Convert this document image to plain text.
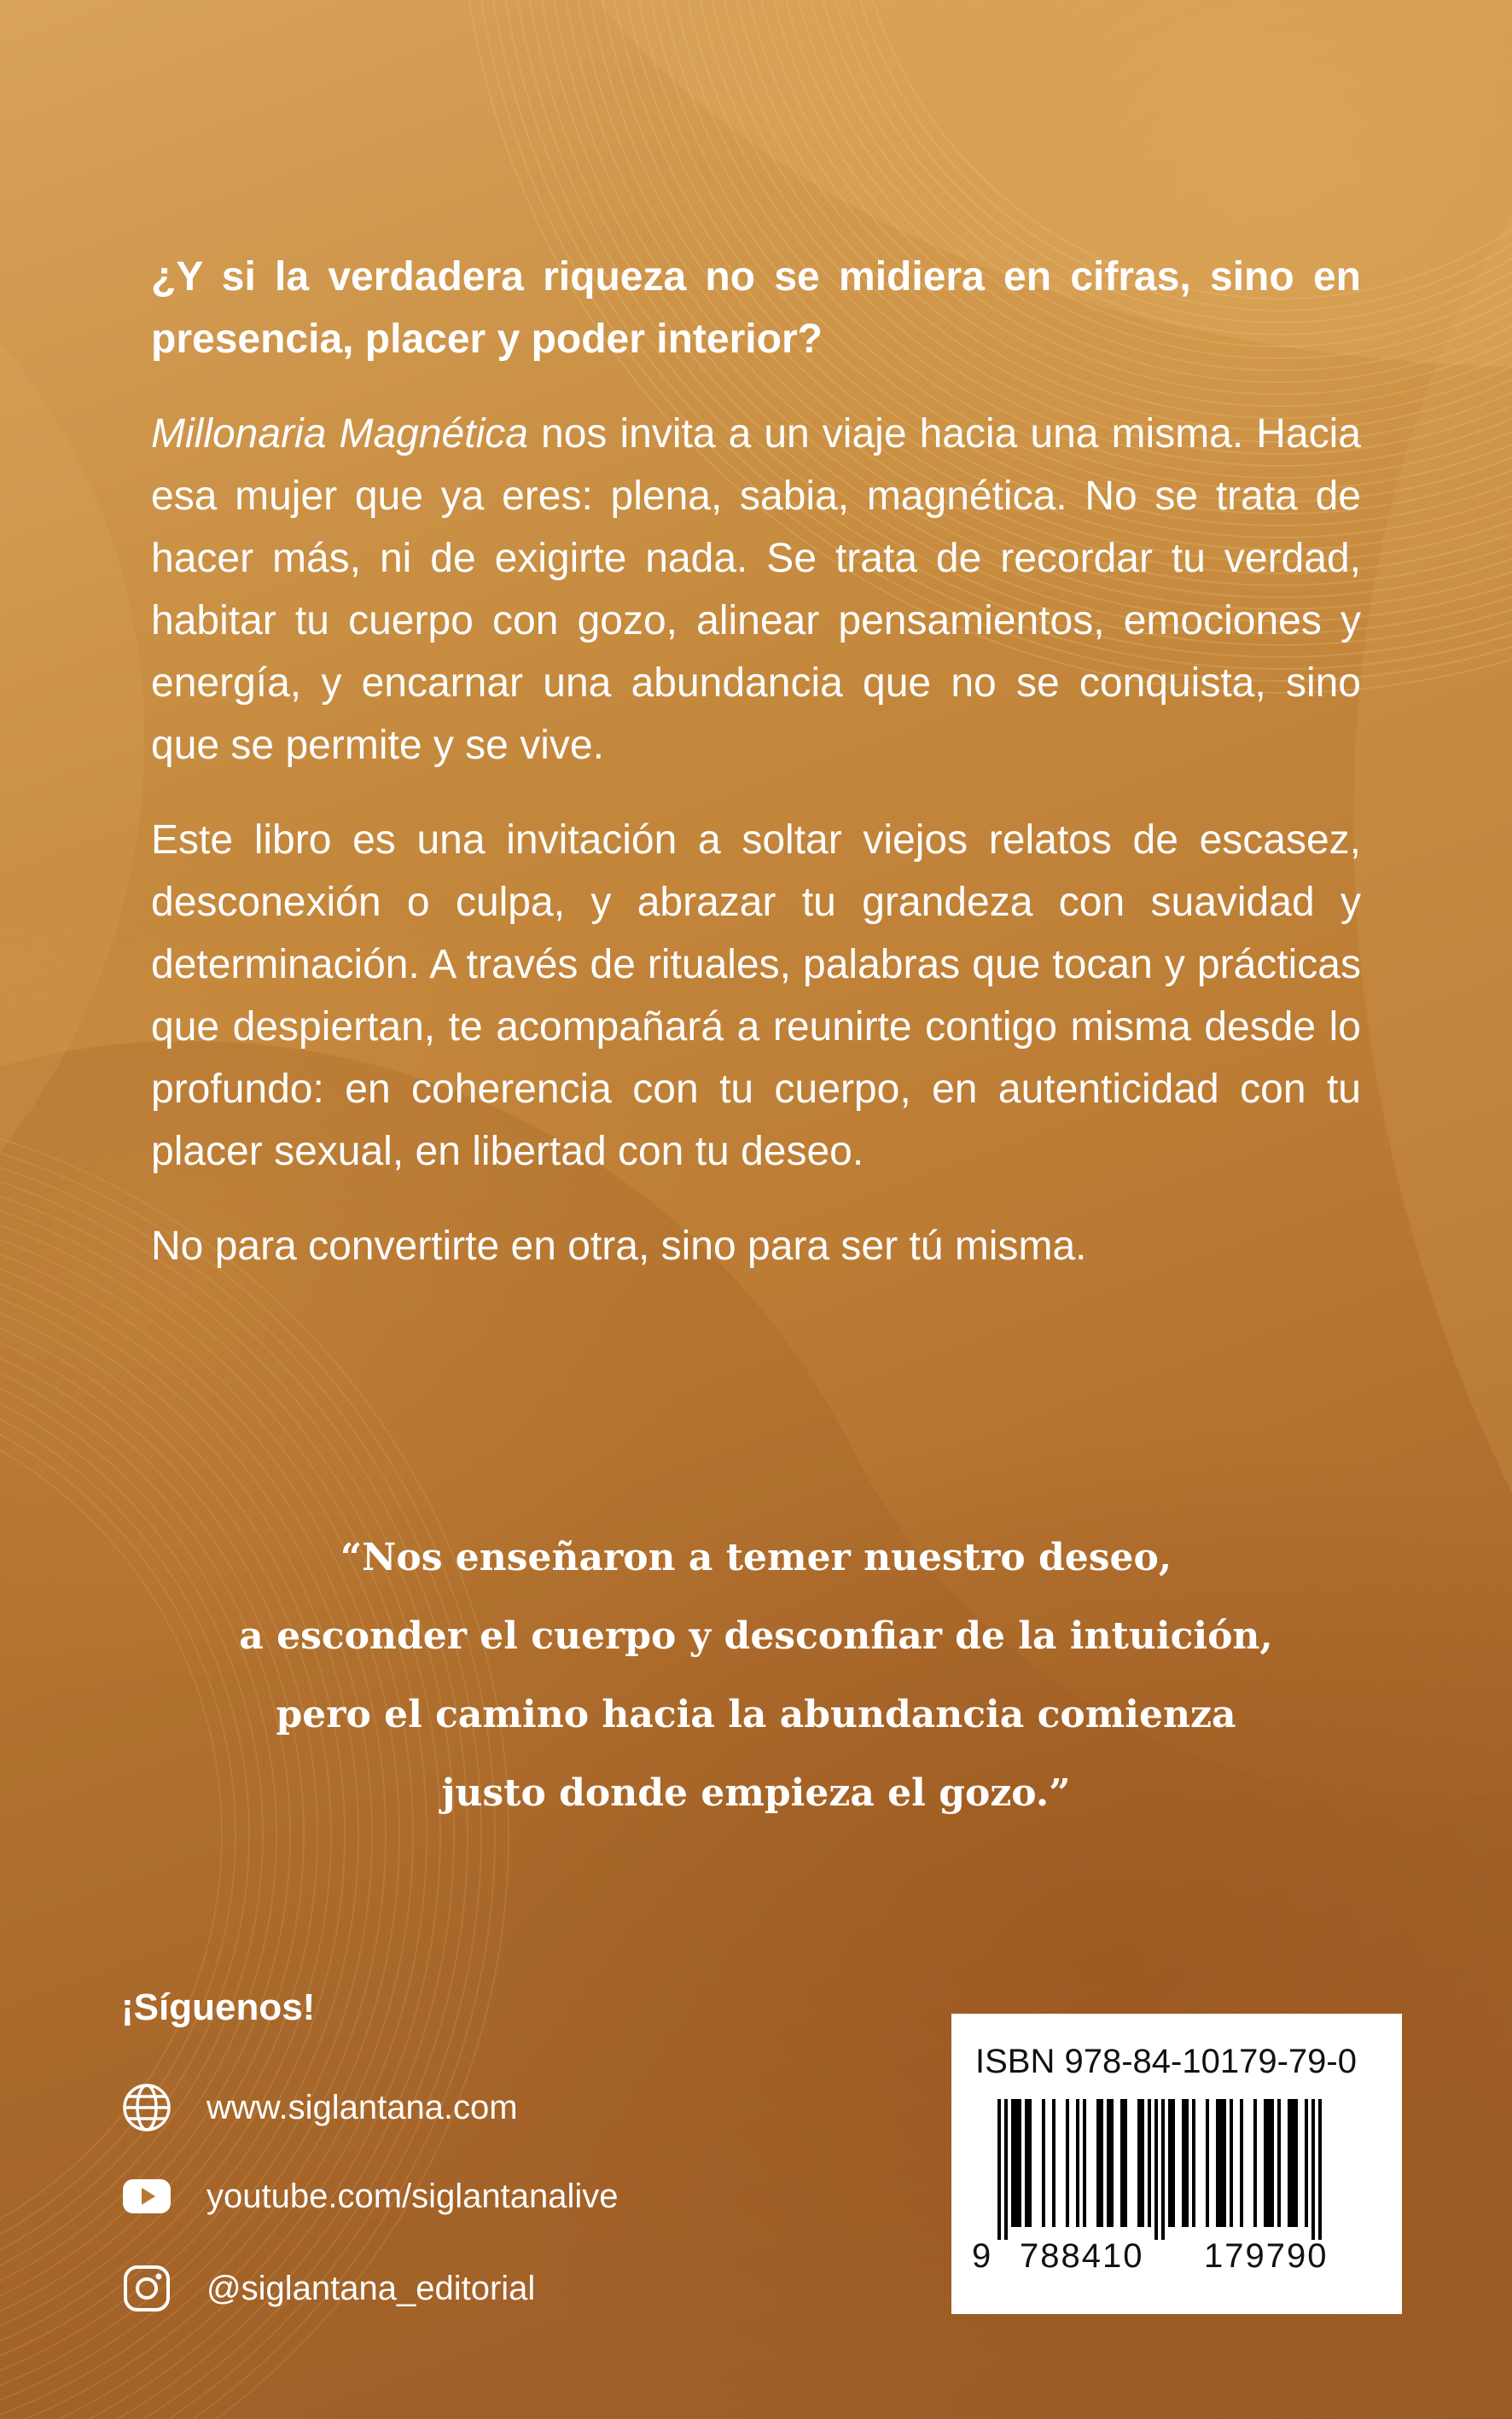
¿Y si la verdadera riqueza no se midiera en cifras, sino en presencia, placer y poder interior?

Millonaria Magnética nos invita a un viaje hacia una misma. Hacia esa mujer que ya eres: plena, sabia, magnética. No se trata de hacer más, ni de exigirte nada. Se trata de recordar tu verdad, habitar tu cuerpo con gozo, alinear pensamientos, emociones y energía, y encarnar una abundancia que no se conquista, sino que se permite y se vive.

Este libro es una invitación a soltar viejos relatos de escasez, desconexión o culpa, y abrazar tu grandeza con suavidad y determinación. A través de rituales, palabras que tocan y prácticas que despiertan, te acompañará a reunirte contigo misma desde lo profundo: en coherencia con tu cuerpo, en autenticidad con tu placer sexual, en libertad con tu deseo.

No para convertirte en otra, sino para ser tú misma.

“Nos enseñaron a temer nuestro deseo,
a esconder el cuerpo y desconfiar de la intuición,
pero el camino hacia la abundancia comienza
justo donde empieza el gozo.”
¡Síguenos!
www.siglantana.com
youtube.com/siglantanalive
@siglantana_editorial
ISBN 978-84-10179-79-0
9 788410 179790
